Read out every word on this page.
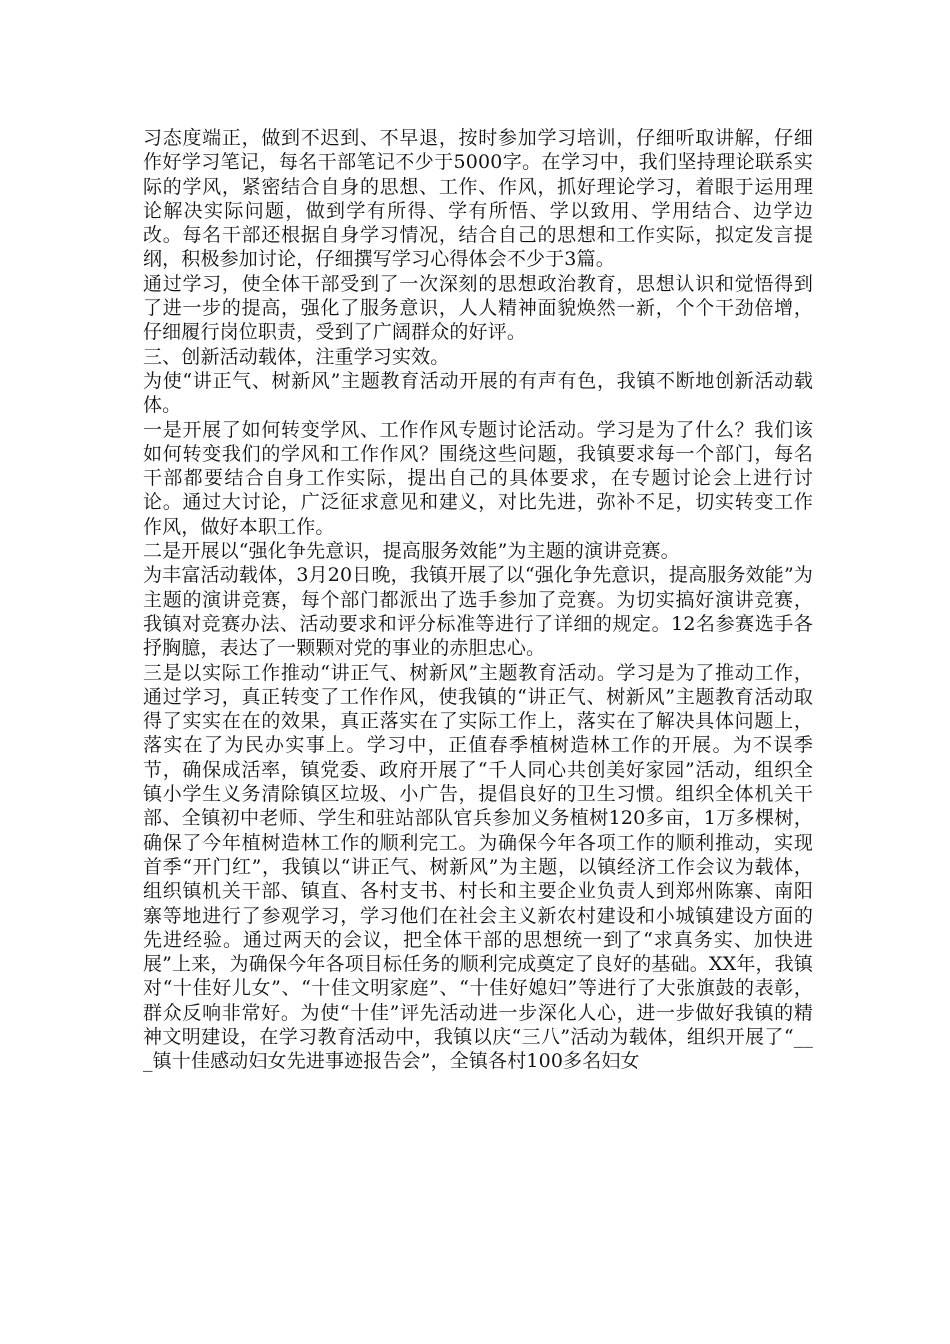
习态度端正，做到不迟到、不早退，按时参加学习培训，仔细听取讲解，仔细作好学习笔记，每名干部笔记不少于5000字。在学习中，我们坚持理论联系实际的学风，紧密结合自身的思想、工作、作风，抓好理论学习，着眼于运用理论解决实际问题，做到学有所得、学有所悟、学以致用、学用结合、边学边改。每名干部还根据自身学习情况，结合自己的思想和工作实际，拟定发言提纲，积极参加讨论，仔细撰写学习心得体会不少于3篇。

通过学习，使全体干部受到了一次深刻的思想政治教育，思想认识和觉悟得到了进一步的提高，强化了服务意识，人人精神面貌焕然一新，个个干劲倍增，仔细履行岗位职责，受到了广阔群众的好评。

三、创新活动载体，注重学习实效。

为使“讲正气、树新风”主题教育活动开展的有声有色，我镇不断地创新活动载体。

一是开展了如何转变学风、工作作风专题讨论活动。学习是为了什么？我们该如何转变我们的学风和工作作风？围绕这些问题，我镇要求每一个部门，每名干部都要结合自身工作实际，提出自己的具体要求，在专题讨论会上进行讨论。通过大讨论，广泛征求意见和建义，对比先进，弥补不足，切实转变工作作风，做好本职工作。

二是开展以“强化争先意识，提高服务效能”为主题的演讲竞赛。

为丰富活动载体，3月20日晚，我镇开展了以“强化争先意识，提高服务效能”为主题的演讲竞赛，每个部门都派出了选手参加了竞赛。为切实搞好演讲竞赛，我镇对竞赛办法、活动要求和评分标准等进行了详细的规定。12名参赛选手各抒胸臆，表达了一颗颗对党的事业的赤胆忠心。

三是以实际工作推动“讲正气、树新风”主题教育活动。学习是为了推动工作，通过学习，真正转变了工作作风，使我镇的“讲正气、树新风”主题教育活动取得了实实在在的效果，真正落实在了实际工作上，落实在了解决具体问题上，落实在了为民办实事上。学习中，正值春季植树造林工作的开展。为不误季节，确保成活率，镇党委、政府开展了“千人同心共创美好家园”活动，组织全镇小学生义务清除镇区垃圾、小广告，提倡良好的卫生习惯。组织全体机关干部、全镇初中老师、学生和驻站部队官兵参加义务植树120多亩，1万多棵树，确保了今年植树造林工作的顺利完工。为确保今年各项工作的顺利推动，实现首季“开门红”，我镇以“讲正气、树新风”为主题，以镇经济工作会议为载体，组织镇机关干部、镇直、各村支书、村长和主要企业负责人到郑州陈寨、南阳寨等地进行了参观学习，学习他们在社会主义新农村建设和小城镇建设方面的先进经验。通过两天的会议，把全体干部的思想统一到了“求真务实、加快进展”上来，为确保今年各项目标任务的顺利完成奠定了良好的基础。XX年，我镇对“十佳好儿女”、“十佳文明家庭”、“十佳好媳妇”等进行了大张旗鼓的表彰，群众反响非常好。为使“十佳”评先活动进一步深化人心，进一步做好我镇的精神文明建设，在学习教育活动中，我镇以庆“三八”活动为载体，组织开展了“___镇十佳感动妇女先进事迹报告会”，全镇各村100多名妇女
